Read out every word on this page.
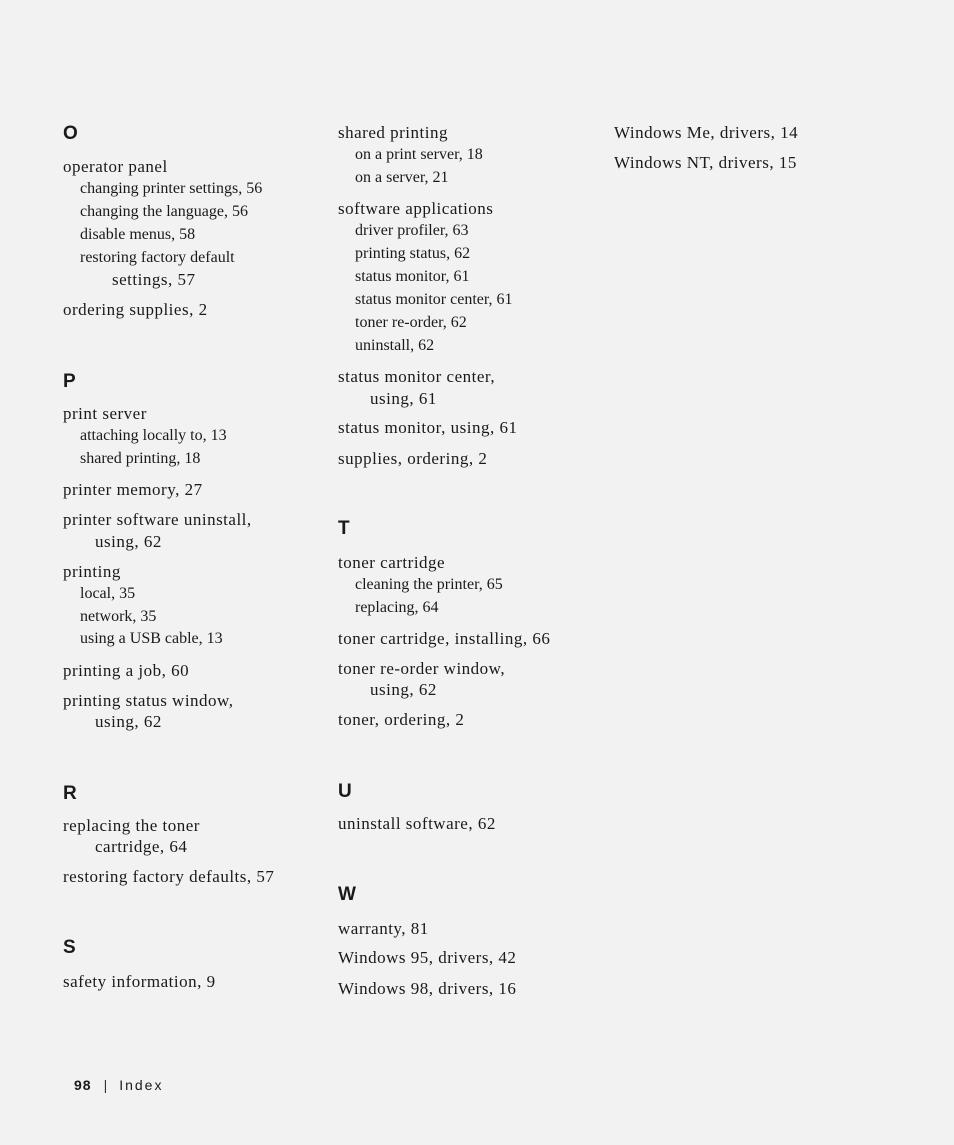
O
operator panel
changing printer settings, 56
changing the language, 56
disable menus, 58
restoring factory default
settings, 57
ordering supplies, 2
P
print server
attaching locally to, 13
shared printing, 18
printer memory, 27
printer software uninstall,
using, 62
printing
local, 35
network, 35
using a USB cable, 13
printing a job, 60
printing status window,
using, 62
R
replacing the toner
cartridge, 64
restoring factory defaults, 57
S
safety information, 9
shared printing
on a print server, 18
on a server, 21
software applications
driver profiler, 63
printing status, 62
status monitor, 61
status monitor center, 61
toner re-order, 62
uninstall, 62
status monitor center,
using, 61
status monitor, using, 61
supplies, ordering, 2
T
toner cartridge
cleaning the printer, 65
replacing, 64
toner cartridge, installing, 66
toner re-order window,
using, 62
toner, ordering, 2
U
uninstall software, 62
W
warranty, 81
Windows 95, drivers, 42
Windows 98, drivers, 16
Windows Me, drivers, 14
Windows NT, drivers, 15
98 | Index
